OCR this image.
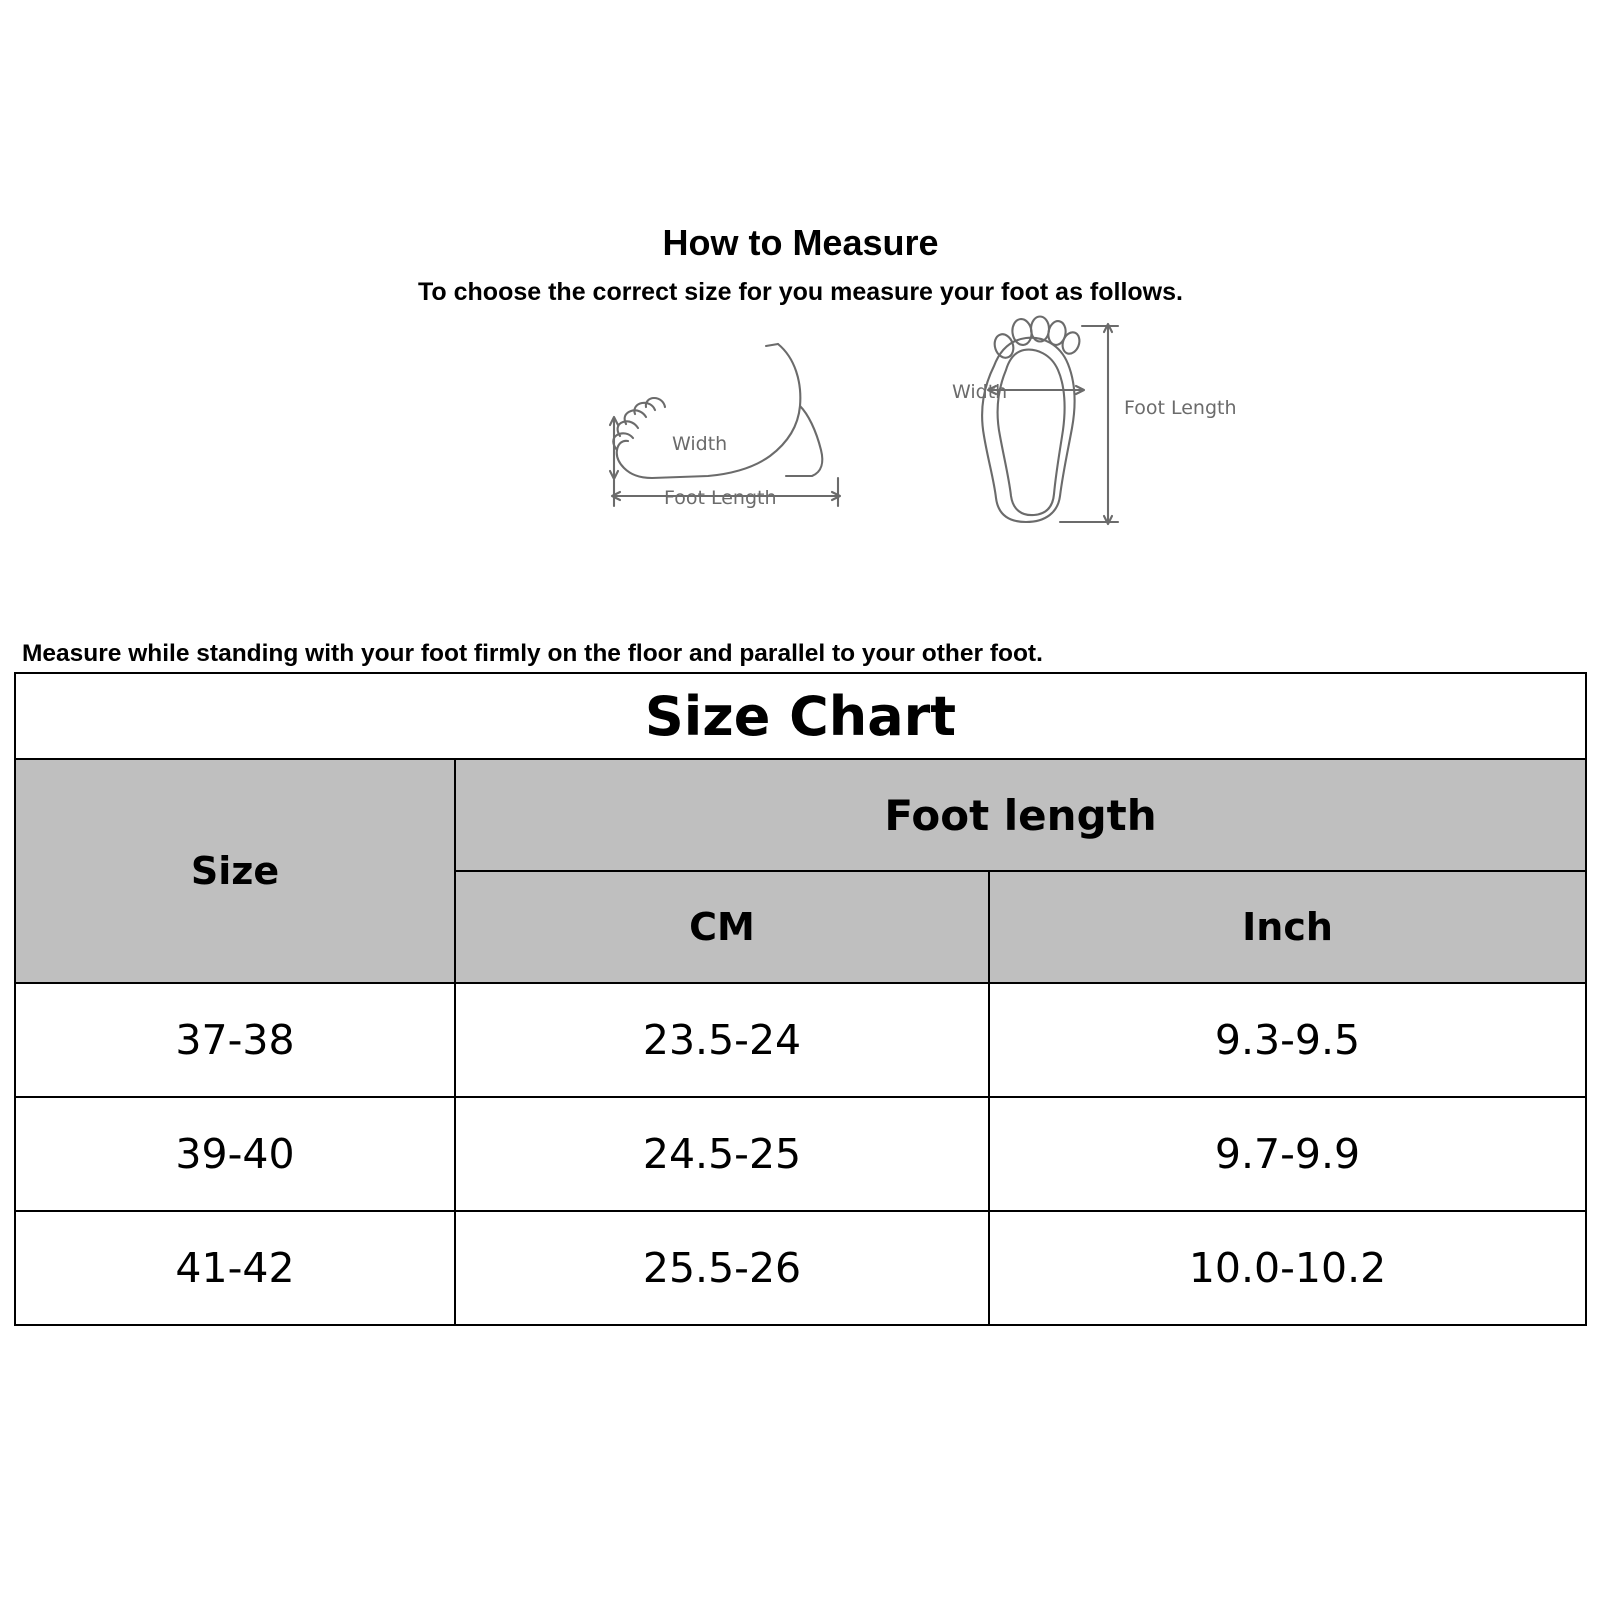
How to Measure
To choose the correct size for you measure your foot as follows.
Width
Foot Length
Width
Foot Length
Measure while standing with your foot firmly on the floor and parallel to your other foot.
Size Chart		
Size	Foot length	
	CM	Inch
37-38	23.5-24	9.3-9.5
39-40	24.5-25	9.7-9.9
41-42	25.5-26	10.0-10.2
